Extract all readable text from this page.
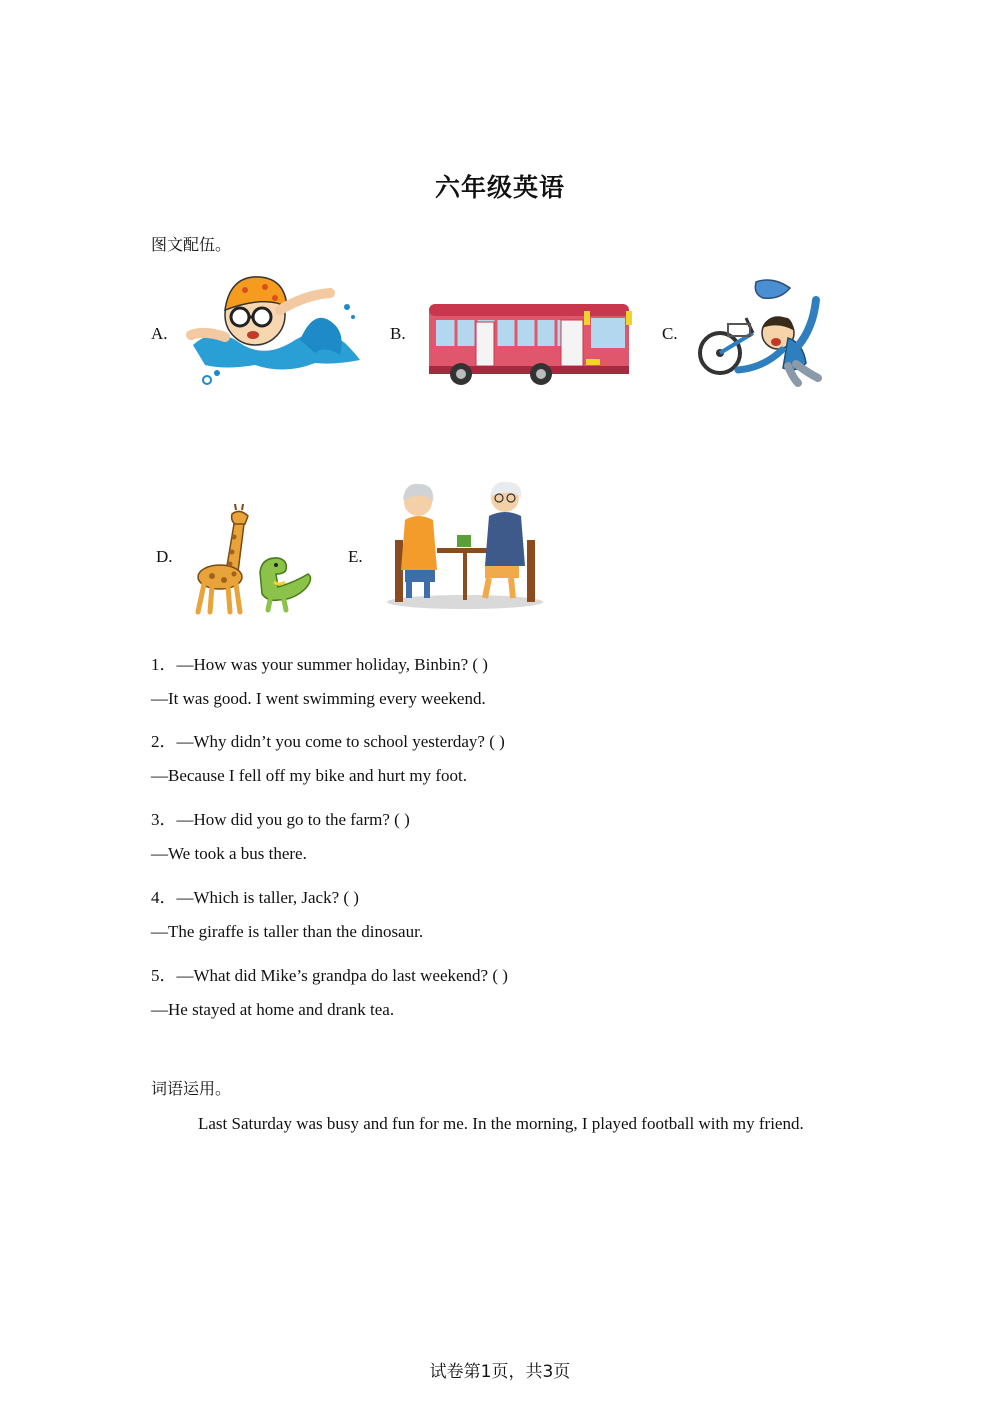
六年级英语
图文配伍。
A.	B.	C.
D.	E.
1．—How was your summer holiday, Binbin? ( )
—It was good. I went swimming every weekend.
2．—Why didn’t you come to school yesterday? ( )
—Because I fell off my bike and hurt my foot.
3．—How did you go to the farm? ( )
—We took a bus there.
4．—Which is taller, Jack? ( )
—The giraffe is taller than the dinosaur.
5．—What did Mike’s grandpa do last weekend? ( )
—He stayed at home and drank tea.
词语运用。
Last Saturday was busy and fun for me. In the morning, I played football with my friend.
试卷第1页，共3页
